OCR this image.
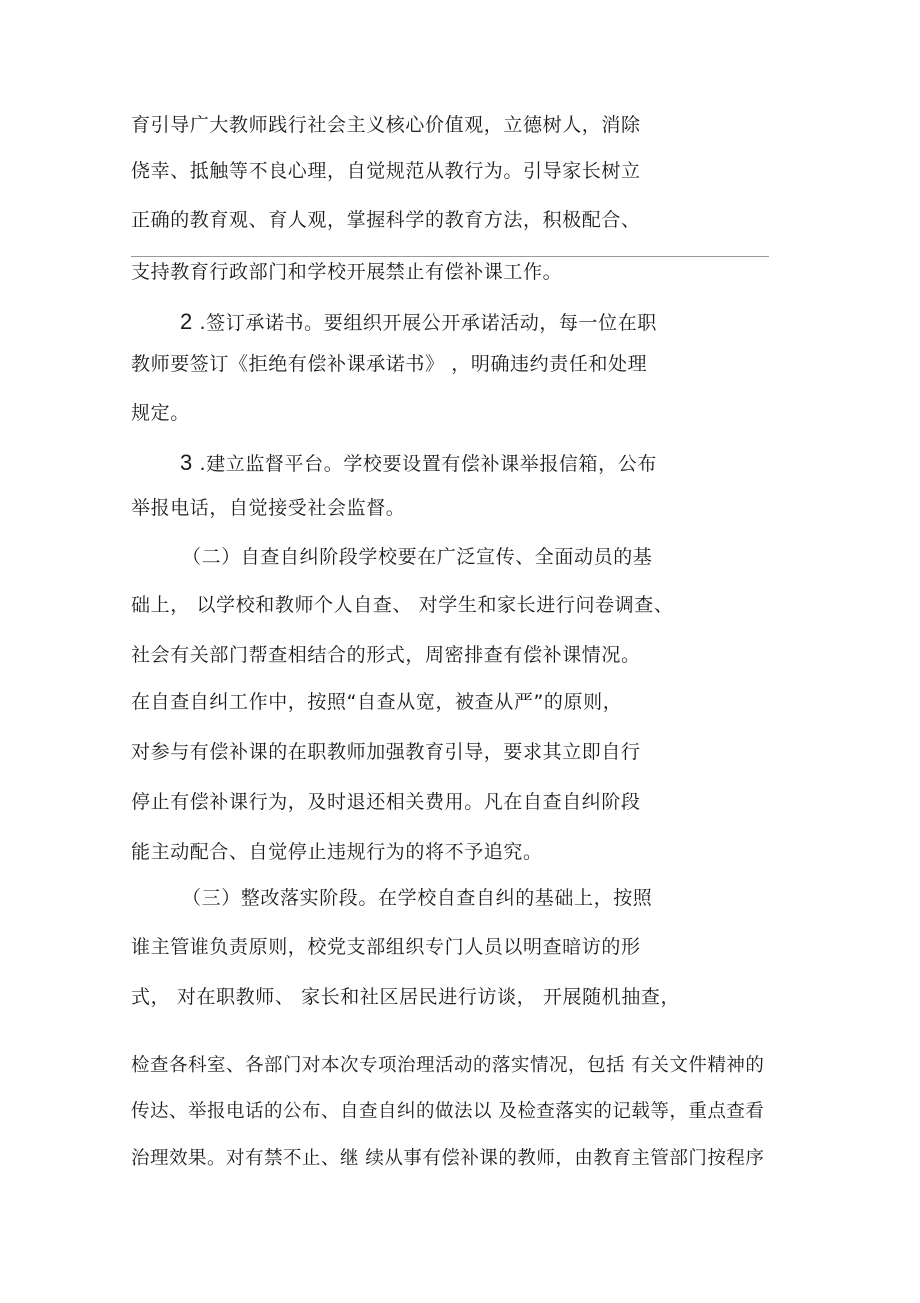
育引导广大教师践行社会主义核心价值观，立德树人，消除
侥幸、抵触等不良心理，自觉规范从教行为。引导家长树立
正确的教育观、育人观，掌握科学的教育方法，积极配合、
支持教育行政部门和学校开展禁止有偿补课工作。
2 .签订承诺书。要组织开展公开承诺活动，每一位在职
教师要签订《拒绝有偿补课承诺书》 ，明确违约责任和处理
规定。
3 .建立监督平台。学校要设置有偿补课举报信箱，公布
举报电话，自觉接受社会监督。
（二）自查自纠阶段学校要在广泛宣传、全面动员的基
础上， 以学校和教师个人自查、 对学生和家长进行问卷调查、
社会有关部门帮查相结合的形式，周密排查有偿补课情况。
在自查自纠工作中，按照“自查从宽，被查从严”的原则，
对参与有偿补课的在职教师加强教育引导，要求其立即自行
停止有偿补课行为，及时退还相关费用。凡在自查自纠阶段
能主动配合、自觉停止违规行为的将不予追究。
（三）整改落实阶段。在学校自查自纠的基础上，按照
谁主管谁负责原则，校党支部组织专门人员以明查暗访的形
式， 对在职教师、 家长和社区居民进行访谈， 开展随机抽查，
检查各科室、各部门对本次专项治理活动的落实情况，包括 有关文件精神的
传达、举报电话的公布、自查自纠的做法以 及检查落实的记载等，重点查看
治理效果。对有禁不止、继 续从事有偿补课的教师，由教育主管部门按程序
